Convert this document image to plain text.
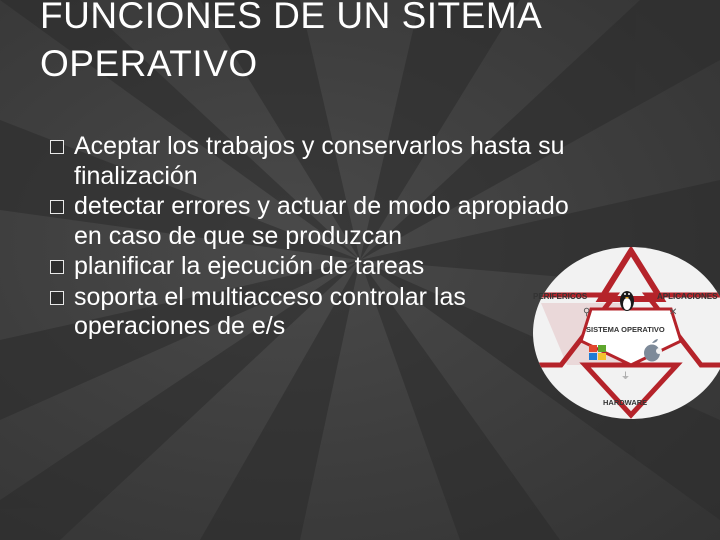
FUNCIONES DE UN SITEMA
OPERATIVO
Aceptar los trabajos y conservarlos hasta su finalización
detectar errores y actuar de modo apropiado en caso de que se produzcan
planificar la ejecución de tareas
soporta el multiacceso controlar las operaciones de e/s
PERIFERICOS	APLICACIONES
SISTEMA OPERATIVO
HARDWARE
⚲	✕
⏚
